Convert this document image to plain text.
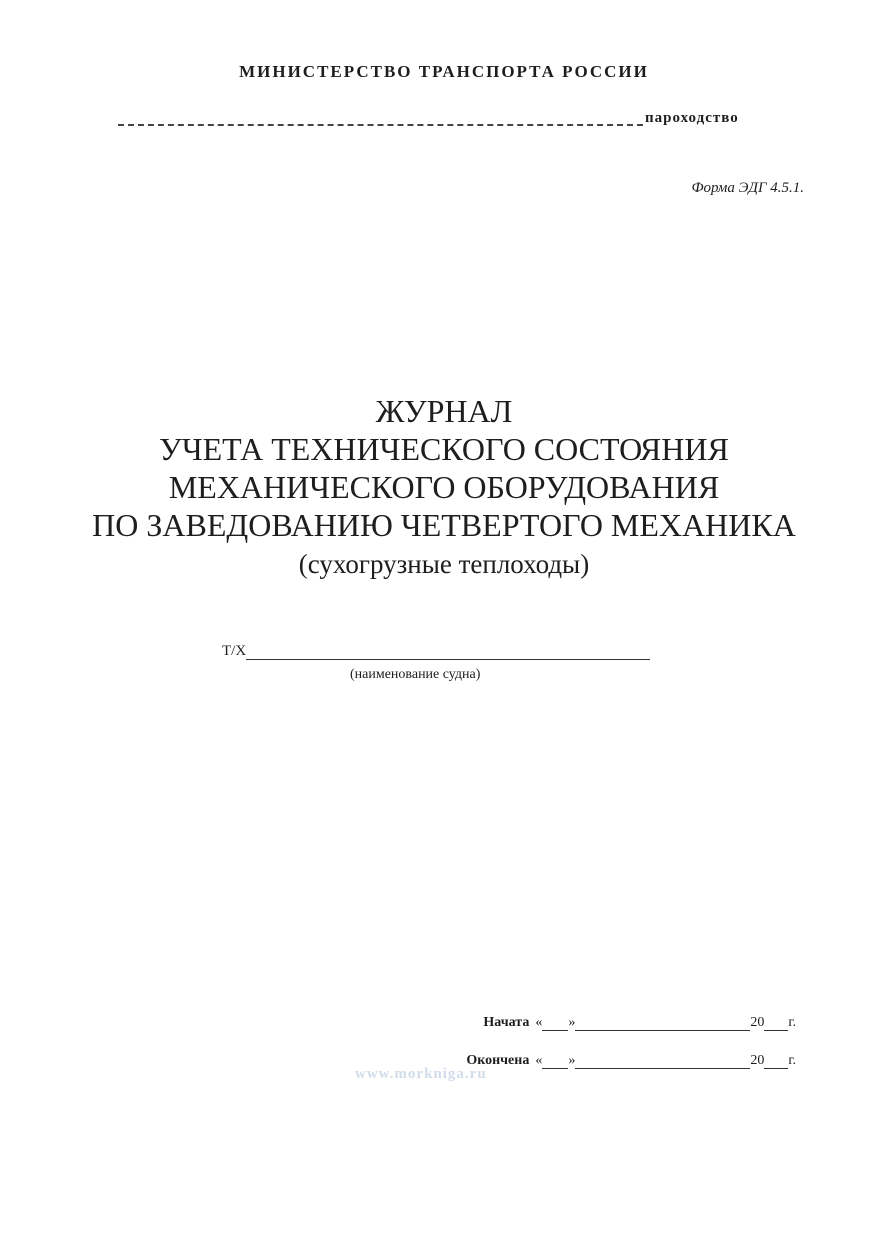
МИНИСТЕРСТВО ТРАНСПОРТА РОССИИ
пароходство
Форма ЭДГ 4.5.1.
ЖУРНАЛ
УЧЕТА ТЕХНИЧЕСКОГО СОСТОЯНИЯ
МЕХАНИЧЕСКОГО ОБОРУДОВАНИЯ
ПО ЗАВЕДОВАНИЮ ЧЕТВЕРТОГО МЕХАНИКА
(сухогрузные теплоходы)
Т/Х
(наименование судна)
Начата « »	20 г.
Окончена « »	20 г.
www.morkniga.ru
